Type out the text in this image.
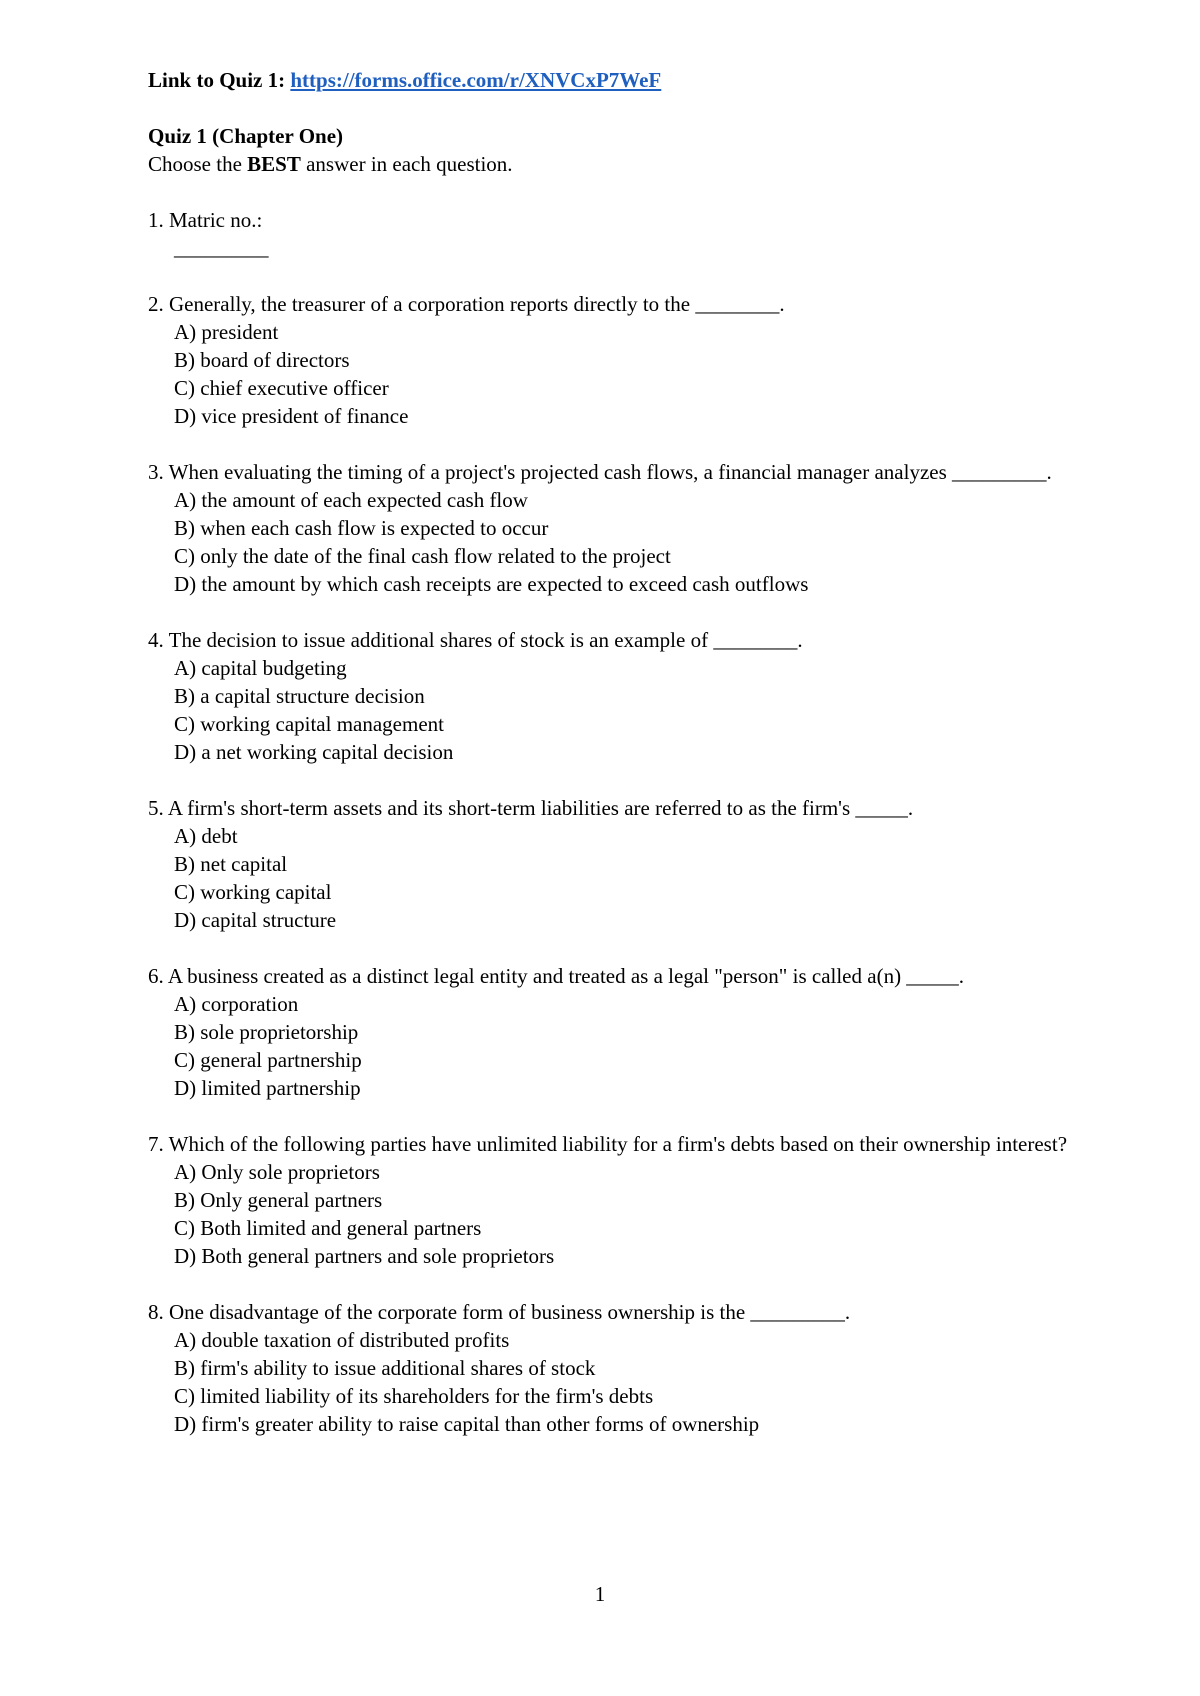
Link to Quiz 1: https://forms.office.com/r/XNVCxP7WeF

Quiz 1 (Chapter One)

Choose the BEST answer in each question.

1. Matric no.:
_________
2. Generally, the treasurer of a corporation reports directly to the ________.
A) president
B) board of directors
C) chief executive officer
D) vice president of finance
3. When evaluating the timing of a project's projected cash flows, a financial manager analyzes _________.
A) the amount of each expected cash flow
B) when each cash flow is expected to occur
C) only the date of the final cash flow related to the project
D) the amount by which cash receipts are expected to exceed cash outflows
4. The decision to issue additional shares of stock is an example of ________.
A) capital budgeting
B) a capital structure decision
C) working capital management
D) a net working capital decision
5. A firm's short-term assets and its short-term liabilities are referred to as the firm's _____.
A) debt
B) net capital
C) working capital
D) capital structure
6. A business created as a distinct legal entity and treated as a legal "person" is called a(n) _____.
A) corporation
B) sole proprietorship
C) general partnership
D) limited partnership
7. Which of the following parties have unlimited liability for a firm's debts based on their ownership interest?
A) Only sole proprietors
B) Only general partners
C) Both limited and general partners
D) Both general partners and sole proprietors
8. One disadvantage of the corporate form of business ownership is the _________.
A) double taxation of distributed profits
B) firm's ability to issue additional shares of stock
C) limited liability of its shareholders for the firm's debts
D) firm's greater ability to raise capital than other forms of ownership
1
